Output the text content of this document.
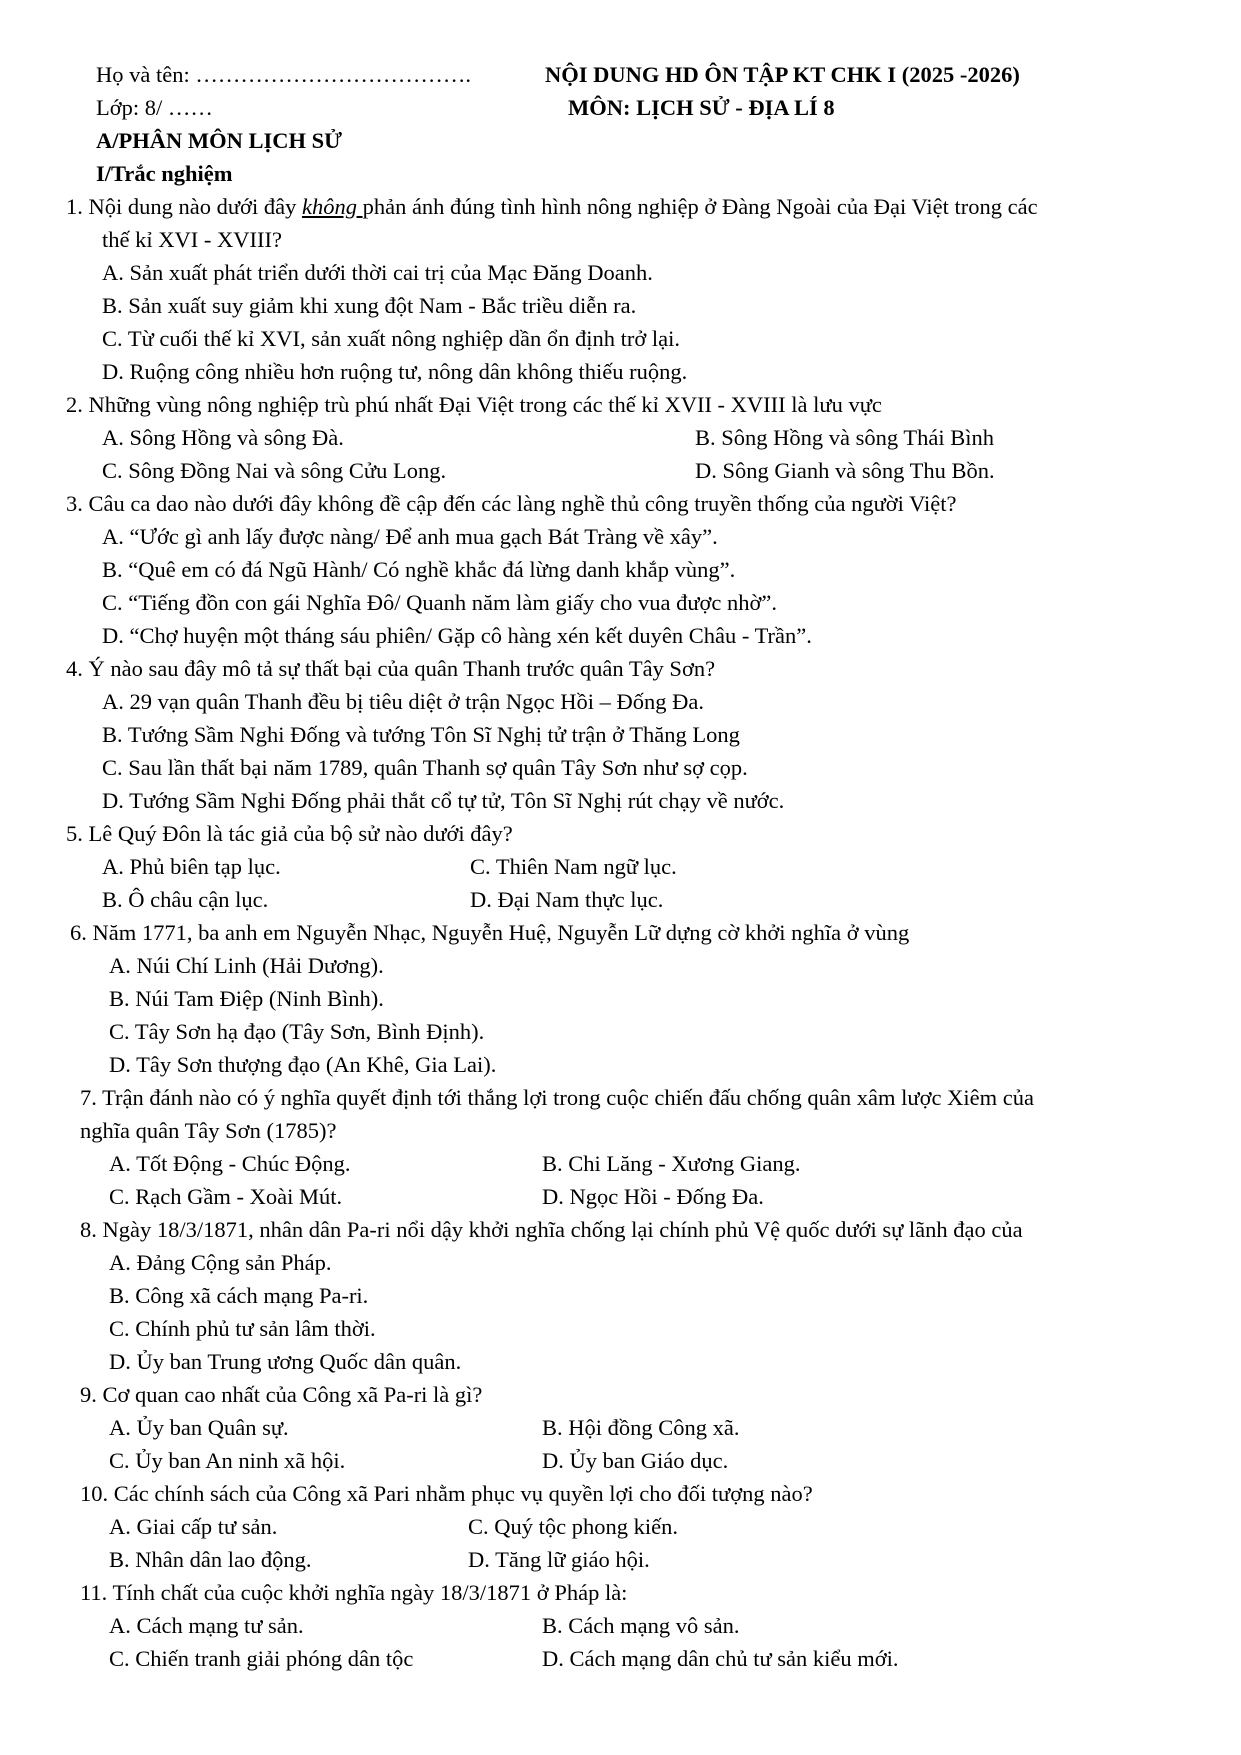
Họ và tên: ……………………………….	NỘI DUNG HD ÔN TẬP KT CHK I (2025 -2026)
Lớp: 8/ ……	MÔN: LỊCH SỬ - ĐỊA LÍ 8
A/PHÂN MÔN LỊCH SỬ
I/Trắc nghiệm
1. Nội dung nào dưới đây không phản ánh đúng tình hình nông nghiệp ở Đàng Ngoài của Đại Việt trong các
thế kỉ XVI - XVIII?
A. Sản xuất phát triển dưới thời cai trị của Mạc Đăng Doanh.
B. Sản xuất suy giảm khi xung đột Nam - Bắc triều diễn ra.
C. Từ cuối thế kỉ XVI, sản xuất nông nghiệp dần ổn định trở lại.
D. Ruộng công nhiều hơn ruộng tư, nông dân không thiếu ruộng.
2. Những vùng nông nghiệp trù phú nhất Đại Việt trong các thế kỉ XVII - XVIII là lưu vực
A. Sông Hồng và sông Đà.	B. Sông Hồng và sông Thái Bình
C. Sông Đồng Nai và sông Cửu Long.	D. Sông Gianh và sông Thu Bồn.
3. Câu ca dao nào dưới đây không đề cập đến các làng nghề thủ công truyền thống của người Việt?
A. “Ước gì anh lấy được nàng/ Để anh mua gạch Bát Tràng về xây”.
B. “Quê em có đá Ngũ Hành/ Có nghề khắc đá lừng danh khắp vùng”.
C. “Tiếng đồn con gái Nghĩa Đô/ Quanh năm làm giấy cho vua được nhờ”.
D. “Chợ huyện một tháng sáu phiên/ Gặp cô hàng xén kết duyên Châu - Trần”.
4. Ý nào sau đây mô tả sự thất bại của quân Thanh trước quân Tây Sơn?
A. 29 vạn quân Thanh đều bị tiêu diệt ở trận Ngọc Hồi – Đống Đa.
B. Tướng Sầm Nghi Đống và tướng Tôn Sĩ Nghị tử trận ở Thăng Long
C. Sau lần thất bại năm 1789, quân Thanh sợ quân Tây Sơn như sợ cọp.
D. Tướng Sầm Nghi Đống phải thắt cổ tự tử, Tôn Sĩ Nghị rút chạy về nước.
5. Lê Quý Đôn là tác giả của bộ sử nào dưới đây?
A. Phủ biên tạp lục.	C. Thiên Nam ngữ lục.
B. Ô châu cận lục.	D. Đại Nam thực lục.
6. Năm 1771, ba anh em Nguyễn Nhạc, Nguyễn Huệ, Nguyễn Lữ dựng cờ khởi nghĩa ở vùng
A. Núi Chí Linh (Hải Dương).
B. Núi Tam Điệp (Ninh Bình).
C. Tây Sơn hạ đạo (Tây Sơn, Bình Định).
D. Tây Sơn thượng đạo (An Khê, Gia Lai).
7. Trận đánh nào có ý nghĩa quyết định tới thắng lợi trong cuộc chiến đấu chống quân xâm lược Xiêm của
nghĩa quân Tây Sơn (1785)?
A. Tốt Động - Chúc Động.	B. Chi Lăng - Xương Giang.
C. Rạch Gầm - Xoài Mút.	D. Ngọc Hồi - Đống Đa.
8. Ngày 18/3/1871, nhân dân Pa-ri nổi dậy khởi nghĩa chống lại chính phủ Vệ quốc dưới sự lãnh đạo của
A. Đảng Cộng sản Pháp.
B. Công xã cách mạng Pa-ri.
C. Chính phủ tư sản lâm thời.
D. Ủy ban Trung ương Quốc dân quân.
9. Cơ quan cao nhất của Công xã Pa-ri là gì?
A. Ủy ban Quân sự.	B. Hội đồng Công xã.
C. Ủy ban An ninh xã hội.	D. Ủy ban Giáo dục.
10. Các chính sách của Công xã Pari nhằm phục vụ quyền lợi cho đối tượng nào?
A. Giai cấp tư sản.	C. Quý tộc phong kiến.
B. Nhân dân lao động.	D. Tăng lữ giáo hội.
11. Tính chất của cuộc khởi nghĩa ngày 18/3/1871 ở Pháp là:
A. Cách mạng tư sản.	B. Cách mạng vô sản.
C. Chiến tranh giải phóng dân tộc	D. Cách mạng dân chủ tư sản kiểu mới.
